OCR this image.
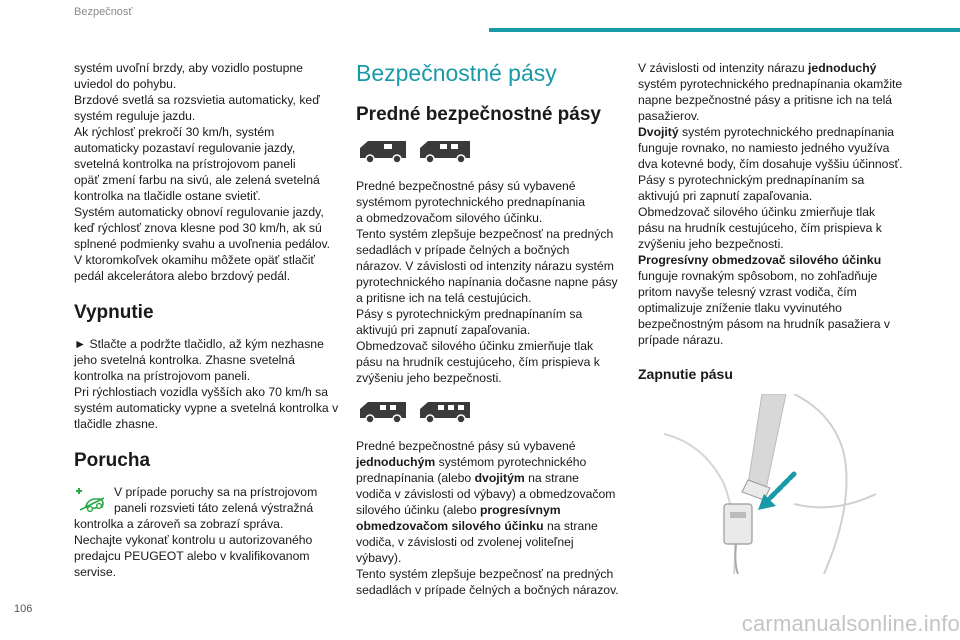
Bezpečnosť

systém uvoľní brzdy, aby vozidlo postupne
uviedol do pohybu.
Brzdové svetlá sa rozsvietia automaticky, keď
systém reguluje jazdu.
Ak rýchlosť prekročí 30 km/h, systém
automaticky pozastaví regulovanie jazdy,
svetelná kontrolka na prístrojovom paneli
opäť zmení farbu na sivú, ale zelená svetelná
kontrolka na tlačidle ostane svietiť.
Systém automaticky obnoví regulovanie jazdy,
keď rýchlosť znova klesne pod 30 km/h, ak sú
splnené podmienky svahu a uvoľnenia pedálov.
V ktoromkoľvek okamihu môžete opäť stlačiť
pedál akcelerátora alebo brzdový pedál.

Vypnutie

► Stlačte a podržte tlačidlo, až kým nezhasne
jeho svetelná kontrolka. Zhasne svetelná
kontrolka na prístrojovom paneli.
Pri rýchlostiach vozidla vyšších ako 70 km/h sa
systém automaticky vypne a svetelná kontrolka v
tlačidle zhasne.

Porucha

V prípade poruchy sa na prístrojovom
paneli rozsvieti táto zelená výstražná

kontrolka a zároveň sa zobrazí správa.
Nechajte vykonať kontrolu u autorizovaného
predajcu PEUGEOT alebo v kvalifikovanom
servise.

Bezpečnostné pásy
Predné bezpečnostné pásy

Predné bezpečnostné pásy sú vybavené
systémom pyrotechnického prednapínania
a obmedzovačom silového účinku.
Tento systém zlepšuje bezpečnosť na predných
sedadlách v prípade čelných a bočných
nárazov. V závislosti od intenzity nárazu systém
pyrotechnického napínania dočasne napne pásy
a pritisne ich na telá cestujúcich.
Pásy s pyrotechnickým prednapínaním sa
aktivujú pri zapnutí zapaľovania.
Obmedzovač silového účinku zmierňuje tlak
pásu na hrudník cestujúceho, čím prispieva k
zvýšeniu jeho bezpečnosti.

Predné bezpečnostné pásy sú vybavené
jednoduchým systémom pyrotechnického
prednapínania (alebo dvojitým na strane
vodiča v závislosti od výbavy) a obmedzovačom
silového účinku (alebo progresívnym
obmedzovačom silového účinku na strane
vodiča, v závislosti od zvolenej voliteľnej
výbavy).
Tento systém zlepšuje bezpečnosť na predných
sedadlách v prípade čelných a bočných nárazov.

V závislosti od intenzity nárazu jednoduchý
systém pyrotechnického prednapínania okamžite
napne bezpečnostné pásy a pritisne ich na telá
pasažierov.
Dvojitý systém pyrotechnického prednapínania
funguje rovnako, no namiesto jedného využíva
dva kotevné body, čím dosahuje vyššiu účinnosť.
Pásy s pyrotechnickým prednapínaním sa
aktivujú pri zapnutí zapaľovania.
Obmedzovač silového účinku zmierňuje tlak
pásu na hrudník cestujúceho, čím prispieva k
zvýšeniu jeho bezpečnosti.
Progresívny obmedzovač silového účinku
funguje rovnakým spôsobom, no zohľadňuje
pritom navyše telesný vzrast vodiča, čím
optimalizuje zníženie tlaku vyvinutého
bezpečnostným pásom na hrudník pasažiera v
prípade nárazu.

Zapnutie pásu
106
carmanualsonline.info
